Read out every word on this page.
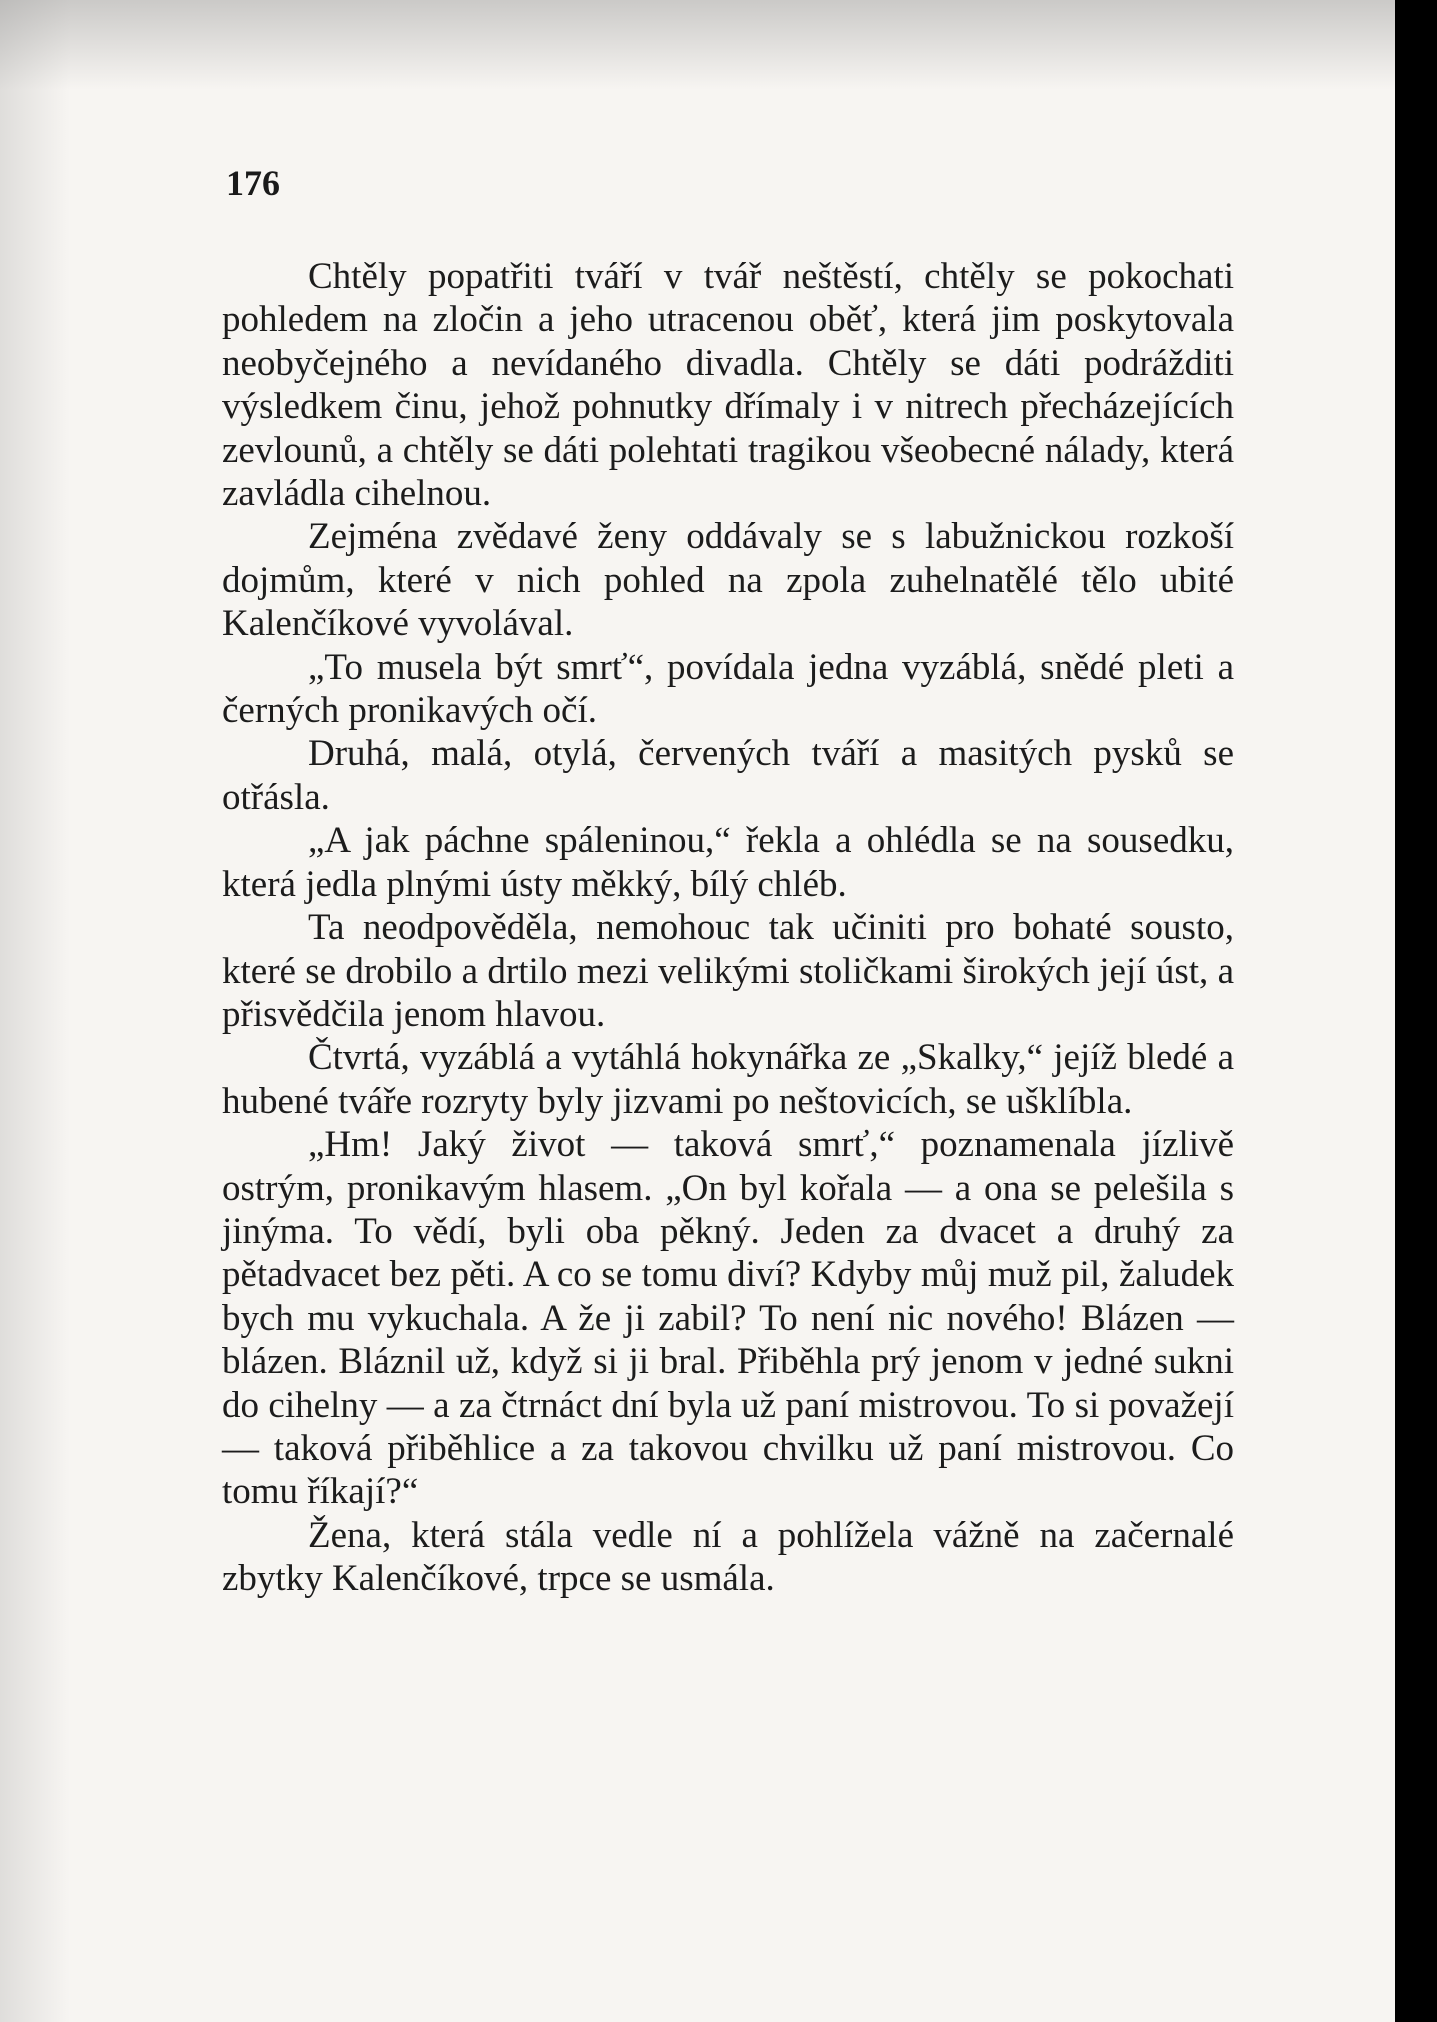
176

Chtěly popatřiti tváří v tvář neštěstí, chtěly se pokochati pohledem na zločin a jeho utracenou oběť, která jim poskytovala neobyčejného a nevídaného divadla. Chtěly se dáti podrážditi výsledkem činu, jehož pohnutky dřímaly i v nitrech přecházejících zevlounů, a chtěly se dáti polehtati tragikou všeobecné nálady, která zavládla cihelnou.

Zejména zvědavé ženy oddávaly se s labužnickou rozkoší dojmům, které v nich pohled na zpola zuhelnatělé tělo ubité Kalenčíkové vyvolával.

„To musela být smrť“, povídala jedna vyzáblá, snědé pleti a černých pronikavých očí.

Druhá, malá, otylá, červených tváří a masitých pysků se otřásla.

„A jak páchne spáleninou,“ řekla a ohlédla se na sousedku, která jedla plnými ústy měkký, bílý chléb.

Ta neodpověděla, nemohouc tak učiniti pro bohaté sousto, které se drobilo a drtilo mezi velikými stoličkami širokých její úst, a přisvědčila jenom hlavou.

Čtvrtá, vyzáblá a vytáhlá hokynářka ze „Skalky,“ jejíž bledé a hubené tváře rozryty byly jizvami po neštovicích, se ušklíbla.

„Hm! Jaký život — taková smrť,“ poznamenala jízlivě ostrým, pronikavým hlasem. „On byl kořala — a ona se pelešila s jinýma. To vědí, byli oba pěkný. Jeden za dvacet a druhý za pětadvacet bez pěti. A co se tomu diví? Kdyby můj muž pil, žaludek bych mu vykuchala. A že ji zabil? To není nic nového! Blázen — blázen. Bláznil už, když si ji bral. Přiběhla prý jenom v jedné sukni do cihelny — a za čtrnáct dní byla už paní mistrovou. To si považejí — taková přiběhlice a za takovou chvilku už paní mistrovou. Co tomu říkají?“

Žena, která stála vedle ní a pohlížela vážně na začernalé zbytky Kalenčíkové, trpce se usmála.
